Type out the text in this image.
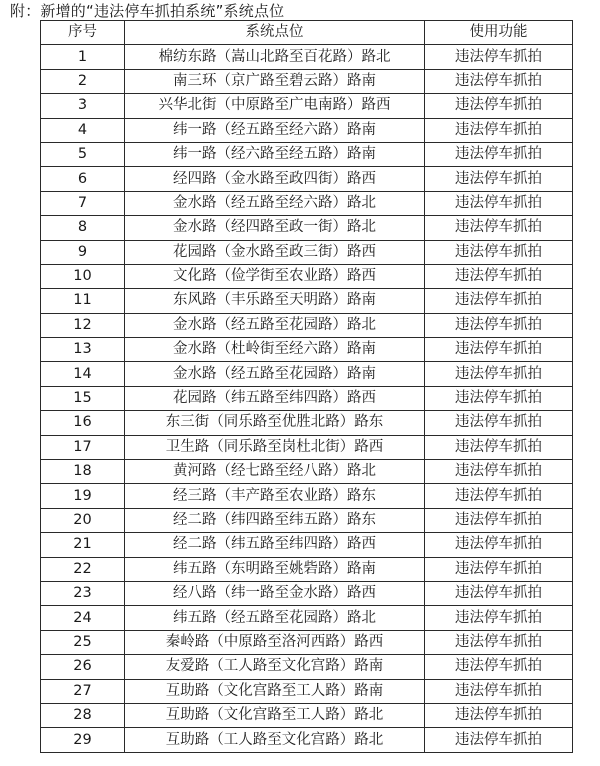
附：新增的“违法停车抓拍系统”系统点位
序号	系统点位	使用功能
1	棉纺东路（嵩山北路至百花路）路北	违法停车抓拍
2	南三环（京广路至碧云路）路南	违法停车抓拍
3	兴华北街（中原路至广电南路）路西	违法停车抓拍
4	纬一路（经五路至经六路）路南	违法停车抓拍
5	纬一路（经六路至经五路）路南	违法停车抓拍
6	经四路（金水路至政四街）路西	违法停车抓拍
7	金水路（经五路至经六路）路北	违法停车抓拍
8	金水路（经四路至政一街）路北	违法停车抓拍
9	花园路（金水路至政三街）路西	违法停车抓拍
10	文化路（俭学街至农业路）路西	违法停车抓拍
11	东风路（丰乐路至天明路）路南	违法停车抓拍
12	金水路（经五路至花园路）路北	违法停车抓拍
13	金水路（杜岭街至经六路）路南	违法停车抓拍
14	金水路（经五路至花园路）路南	违法停车抓拍
15	花园路（纬五路至纬四路）路西	违法停车抓拍
16	东三街（同乐路至优胜北路）路东	违法停车抓拍
17	卫生路（同乐路至岗杜北街）路西	违法停车抓拍
18	黄河路（经七路至经八路）路北	违法停车抓拍
19	经三路（丰产路至农业路）路东	违法停车抓拍
20	经二路（纬四路至纬五路）路东	违法停车抓拍
21	经二路（纬五路至纬四路）路西	违法停车抓拍
22	纬五路（东明路至姚砦路）路南	违法停车抓拍
23	经八路（纬一路至金水路）路西	违法停车抓拍
24	纬五路（经五路至花园路）路北	违法停车抓拍
25	秦岭路（中原路至洛河西路）路西	违法停车抓拍
26	友爱路（工人路至文化宫路）路南	违法停车抓拍
27	互助路（文化宫路至工人路）路南	违法停车抓拍
28	互助路（文化宫路至工人路）路北	违法停车抓拍
29	互助路（工人路至文化宫路）路北	违法停车抓拍
